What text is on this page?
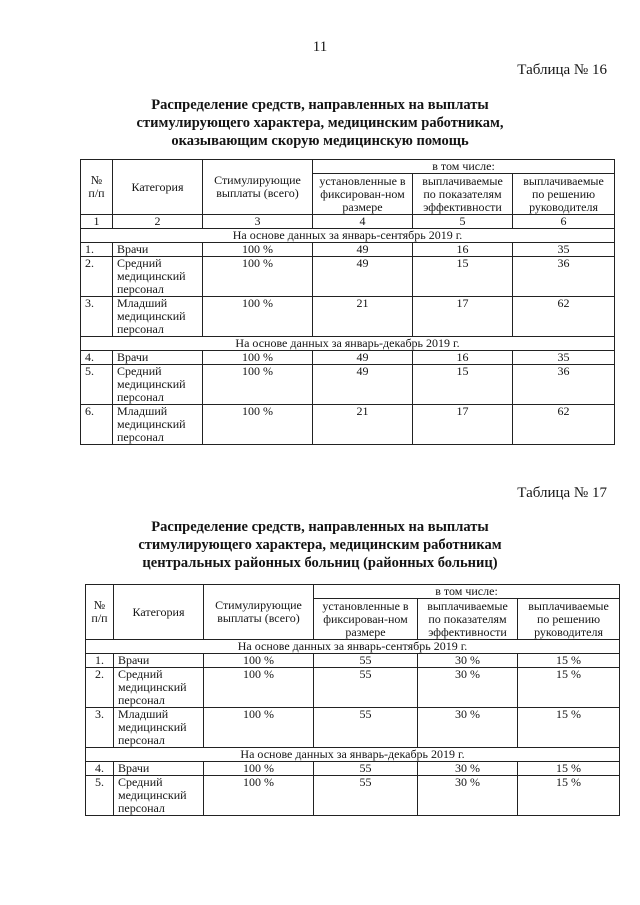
11
Таблица № 16
Распределение средств, направленных на выплаты
стимулирующего характера, медицинским работникам,
оказывающим скорую медицинскую помощь
№ п/п	Категория	Стимулирующие выплаты (всего)	в том числе:		
			установленные в фиксирован-ном размере	выплачиваемые по показателям эффективности	выплачиваемые по решению руководителя
1	2	3	4	5	6
На основе данных за январь-сентябрь 2019 г.					
1.	Врачи	100 %	49	16	35
2.	Средний медицинский персонал	100 %	49	15	36
3.	Младший медицинский персонал	100 %	21	17	62
На основе данных за январь-декабрь 2019 г.					
4.	Врачи	100 %	49	16	35
5.	Средний медицинский персонал	100 %	49	15	36
6.	Младший медицинский персонал	100 %	21	17	62
Таблица № 17
Распределение средств, направленных на выплаты
стимулирующего характера, медицинским работникам
центральных районных больниц (районных больниц)
№ п/п	Категория	Стимулирующие выплаты (всего)	в том числе:		
			установленные в фиксирован-ном размере	выплачиваемые по показателям эффективности	выплачиваемые по решению руководителя
На основе данных за январь-сентябрь 2019 г.					
1.	Врачи	100 %	55	30 %	15 %
2.	Средний медицинский персонал	100 %	55	30 %	15 %
3.	Младший медицинский персонал	100 %	55	30 %	15 %
На основе данных за январь-декабрь 2019 г.					
4.	Врачи	100 %	55	30 %	15 %
5.	Средний медицинский персонал	100 %	55	30 %	15 %
